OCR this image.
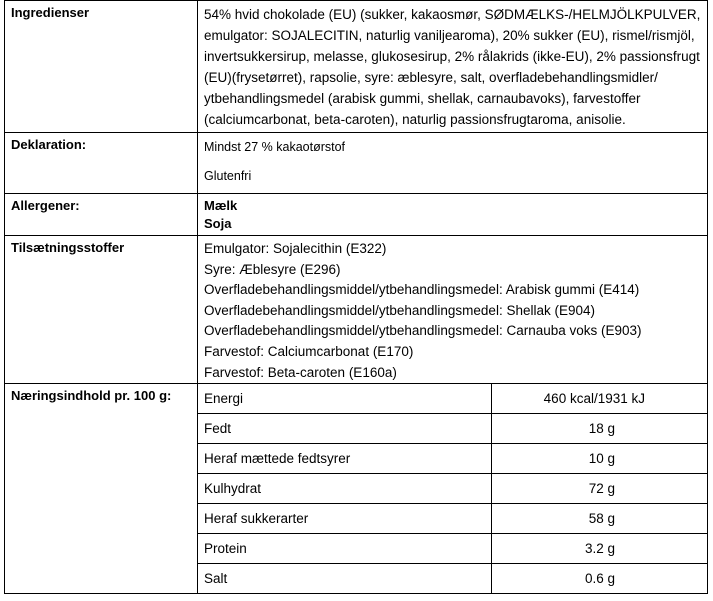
Ingredienser	54% hvid chokolade (EU) (sukker, kakaosmør, SØDMÆLKS-/HELMJÖLKPULVER,
emulgator: SOJALECITIN, naturlig vaniljearoma), 20% sukker (EU), rismel/rismjöl,
invertsukkersirup, melasse, glukosesirup, 2% rålakrids (ikke-EU), 2% passionsfrugt
(EU)(frysetørret), rapsolie, syre: æblesyre, salt, overfladebehandlingsmidler/
ytbehandlingsmedel (arabisk gummi, shellak, carnaubavoks), farvestoffer
(calciumcarbonat, beta-caroten), naturlig passionsfrugtaroma, anisolie.

Deklaration:	Mindst 27 % kakaotørstof
Glutenfri

Allergener:	Mælk
Soja

Tilsætningsstoffer	Emulgator: Sojalecithin (E322)
Syre: Æblesyre (E296)
Overfladebehandlingsmiddel/ytbehandlingsmedel: Arabisk gummi (E414)
Overfladebehandlingsmiddel/ytbehandlingsmedel: Shellak (E904)
Overfladebehandlingsmiddel/ytbehandlingsmedel: Carnauba voks (E903)
Farvestof: Calciumcarbonat (E170)
Farvestof: Beta-caroten (E160a)

Næringsindhold pr. 100 g:	Energi	460 kcal/1931 kJ
Fedt	18 g
Heraf mættede fedtsyrer	10 g
Kulhydrat	72 g
Heraf sukkerarter	58 g
Protein	3.2 g
Salt	0.6 g
